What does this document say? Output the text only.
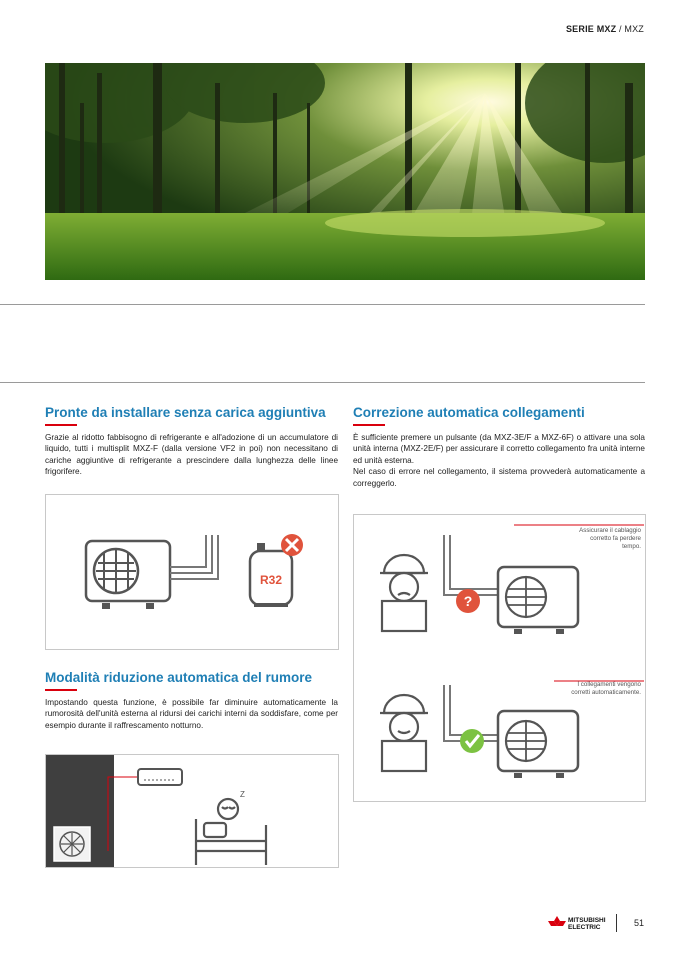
SERIE MXZ / MXZ
Pronte da installare senza carica aggiuntiva
Grazie al ridotto fabbisogno di refrigerante e all'adozione di un accumulatore di liquido, tutti i multisplit MXZ-F (dalla versione VF2 in poi) non necessitano di cariche aggiuntive di refrigerante a prescindere dalla lunghezza delle linee frigorifere.
R32
Modalità riduzione automatica del rumore
Impostando questa funzione, è possibile far diminuire automaticamente la rumorosità dell'unità esterna al ridursi dei carichi interni da soddisfare, come per esempio durante il raffrescamento notturno.
Z
Correzione automatica collegamenti
È sufficiente premere un pulsante (da MXZ-3E/F a MXZ-6F) o attivare una sola unità interna (MXZ-2E/F) per assicurare il corretto collegamento fra unità interne ed unità esterna.
Nel caso di errore nel collegamento, il sistema provvederà automaticamente a correggerlo.
?
Assicurare il cablaggio corretto fa perdere tempo.
I collegamenti vengono corretti automaticamente.
MITSUBISHI
ELECTRIC	51
